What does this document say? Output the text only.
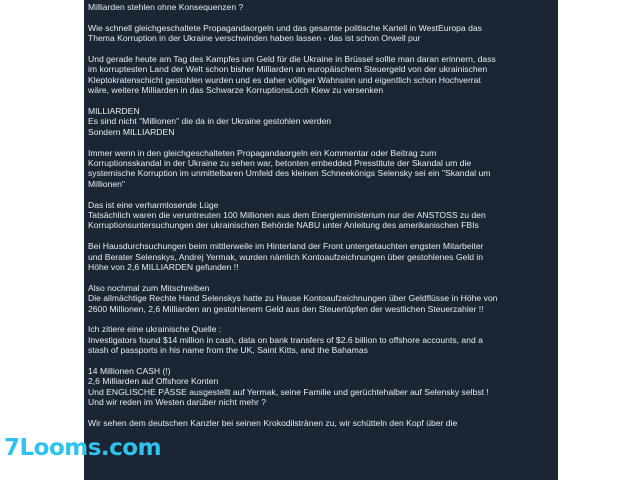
Milliarden stehlen ohne Konsequenzen ?
Wie schnell gleichgeschaltete Propagandaorgeln und das gesamte politische Kartell in WestEuropa das
Thema Korruption in der Ukraine verschwinden haben lassen - das ist schon Orwell pur
Und gerade heute am Tag des Kampfes um Geld für die Ukraine in Brüssel sollte man daran erinnern, dass
im korruptesten Land der Welt schon bisher Milliarden an europäischem Steuergeld von der ukrainischen
Kleptokratenschicht gestohlen wurden und es daher völliger Wahnsinn und eigentlich schon Hochverrat
wäre, weitere Milliarden in das Schwarze KorruptionsLoch Kiew zu versenken
MILLIARDEN
Es sind nicht "Millionen" die da in der Ukraine gestohlen werden
Sondern MILLIARDEN
Immer wenn in den gleichgeschalteten Propagandaorgeln ein Kommentar oder Beitrag zum
Korruptionsskandal in der Ukraine zu sehen war, betonten embedded Presstitute der Skandal um die
systemische Korruption im unmittelbaren Umfeld des kleinen Schneekönigs Selensky sei ein "Skandal um
Millionen"
Das ist eine verharmlosende Lüge
Tatsächlich waren die veruntreuten 100 Millionen aus dem Energieministerium nur der ANSTOSS zu den
Korruptionsuntersuchungen der ukrainischen Behörde NABU unter Anleitung des amerikanischen FBIs
Bei Hausdurchsuchungen beim mittlerweile im Hinterland der Front untergetauchten engsten Mitarbeiter
und Berater Selenskys, Andrej Yermak, wurden nämlich Kontoaufzeichnungen über gestohlenes Geld in
Höhe von 2,6 MILLIARDEN gefunden !!
Also nochmal zum Mitschreiben
Die allmächtige Rechte Hand Selenskys hatte zu Hause Kontoaufzeichnungen über Geldflüsse in Höhe von
2600 Millionen, 2,6 Milliarden an gestohlenem Geld aus den Steuertöpfen der westlichen Steuerzahler !!
Ich zitiere eine ukrainische Quelle :
Investigators found $14 million in cash, data on bank transfers of $2.6 billion to offshore accounts, and a
stash of passports in his name from the UK, Saint Kitts, and the Bahamas
14 Millionen CASH (!)
2,6 Milliarden auf Offshore Konten
Und ENGLISCHE PÄSSE ausgestellt auf Yermak, seine Familie und gerüchtehalber auf Selensky selbst !
Und wir reden im Westen darüber nicht mehr ?
Wir sehen dem deutschen Kanzler bei seinen Krokodilstränen zu, wir schütteln den Kopf über die
7Looms .com
